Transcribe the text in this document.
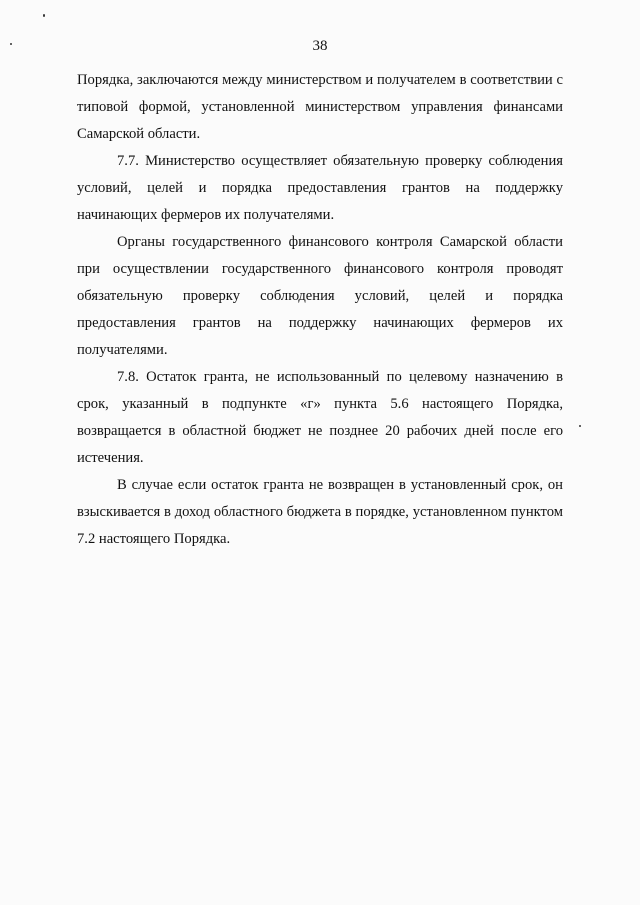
38

Порядка, заключаются между министерством и получателем в соответствии с типовой формой, установленной министерством управления финансами Самарской области.

7.7. Министерство осуществляет обязательную проверку соблюдения условий, целей и порядка предоставления грантов на поддержку начинающих фермеров их получателями.

Органы государственного финансового контроля Самарской области при осуществлении государственного финансового контроля проводят обязательную проверку соблюдения условий, целей и порядка предоставления грантов на поддержку начинающих фермеров их получателями.

7.8. Остаток гранта, не использованный по целевому назначению в срок, указанный в подпункте «г» пункта 5.6 настоящего Порядка, возвращается в областной бюджет не позднее 20 рабочих дней после его истечения.

В случае если остаток гранта не возвращен в установленный срок, он взыскивается в доход областного бюджета в порядке, установленном пунктом 7.2 настоящего Порядка.
